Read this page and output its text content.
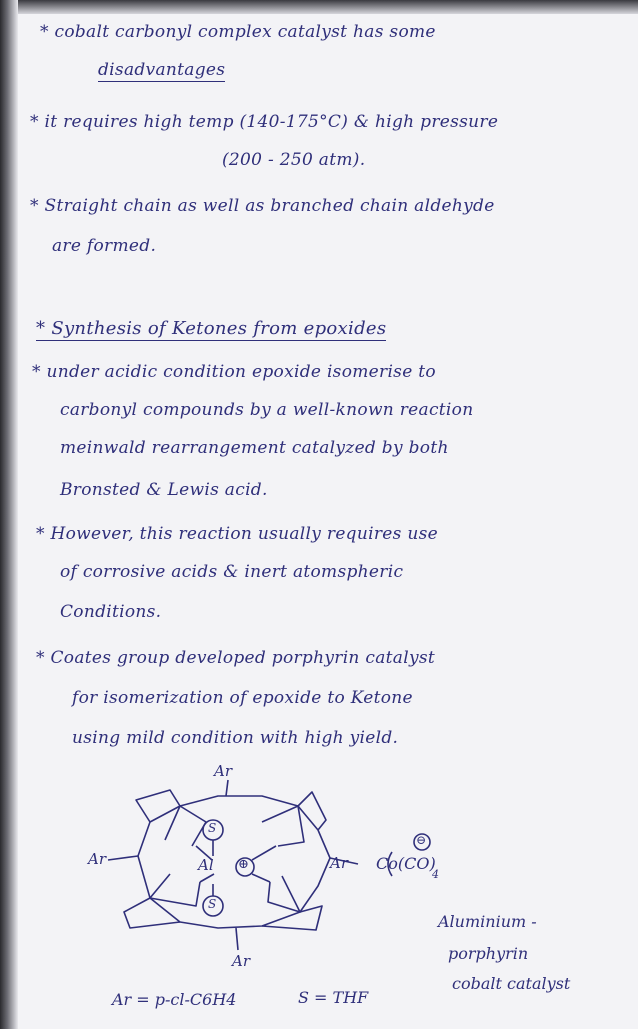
* cobalt carbonyl complex catalyst has some
disadvantages
* it requires high temp (140-175°C) & high pressure
(200 - 250 atm).
* Straight chain as well as branched chain aldehyde
are formed.
* Synthesis of Ketones from epoxides
* under acidic condition epoxide isomerise to
carbonyl compounds by a well-known reaction
meinwald rearrangement catalyzed by both
Bronsted & Lewis acid.
* However, this reaction usually requires use
of corrosive acids & inert atomspheric
Conditions.
* Coates group developed porphyrin catalyst
for isomerization of epoxide to Ketone
using mild condition with high yield.
Ar
Ar	Ar
Ar
Al ⊕
S
S
Co(CO)
4
⊖
Aluminium -
porphyrin
cobalt catalyst
Ar = p-cl-C6H4	S = THF
